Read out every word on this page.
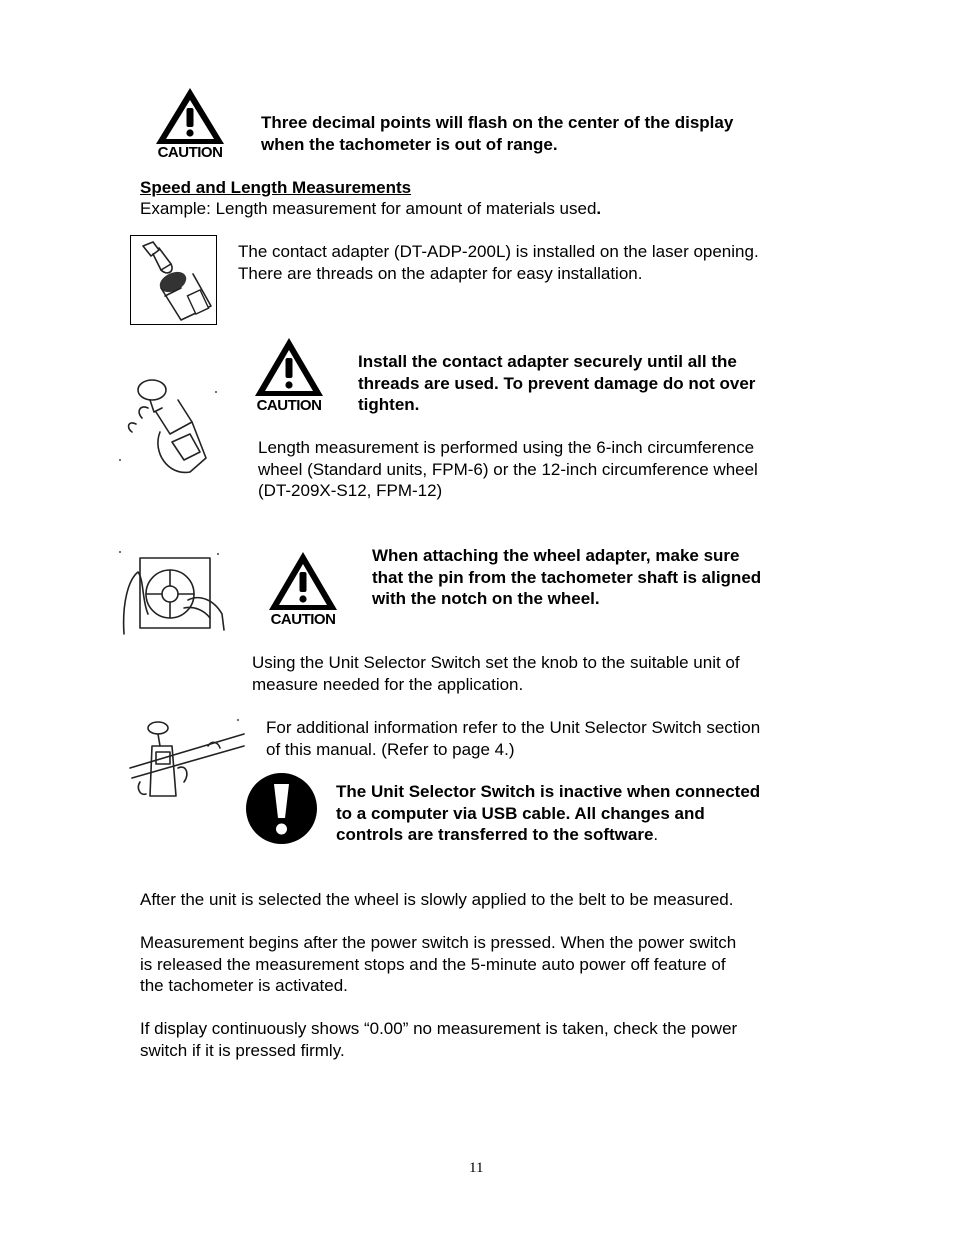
CAUTION
Three decimal points will flash on the center of the display
when the tachometer is out of range.
Speed and Length Measurements
Example: Length measurement for amount of materials used.
The contact adapter (DT-ADP-200L) is installed on the laser opening.
There are threads on the adapter for easy installation.
CAUTION
Install the contact adapter securely until all the
threads are used. To prevent damage do not over
tighten.
Length measurement is performed using the 6-inch circumference
wheel (Standard units, FPM-6) or the 12-inch circumference wheel
(DT-209X-S12, FPM-12)
CAUTION
When attaching the wheel adapter, make sure
that the pin from the tachometer shaft is aligned
with the notch on the wheel.
Using the Unit Selector Switch set the knob to the suitable unit of
measure needed for the application.
For additional information refer to the Unit Selector Switch section
of this manual. (Refer to page 4.)
The Unit Selector Switch is inactive when connected
to a computer via USB cable. All changes and
controls are transferred to the software.
After the unit is selected the wheel is slowly applied to the belt to be measured.
Measurement begins after the power switch is pressed. When the power switch
is released the measurement stops and the 5-minute auto power off feature of
the tachometer is activated.
If display continuously shows “0.00” no measurement is taken, check the power
switch if it is pressed firmly.
11
